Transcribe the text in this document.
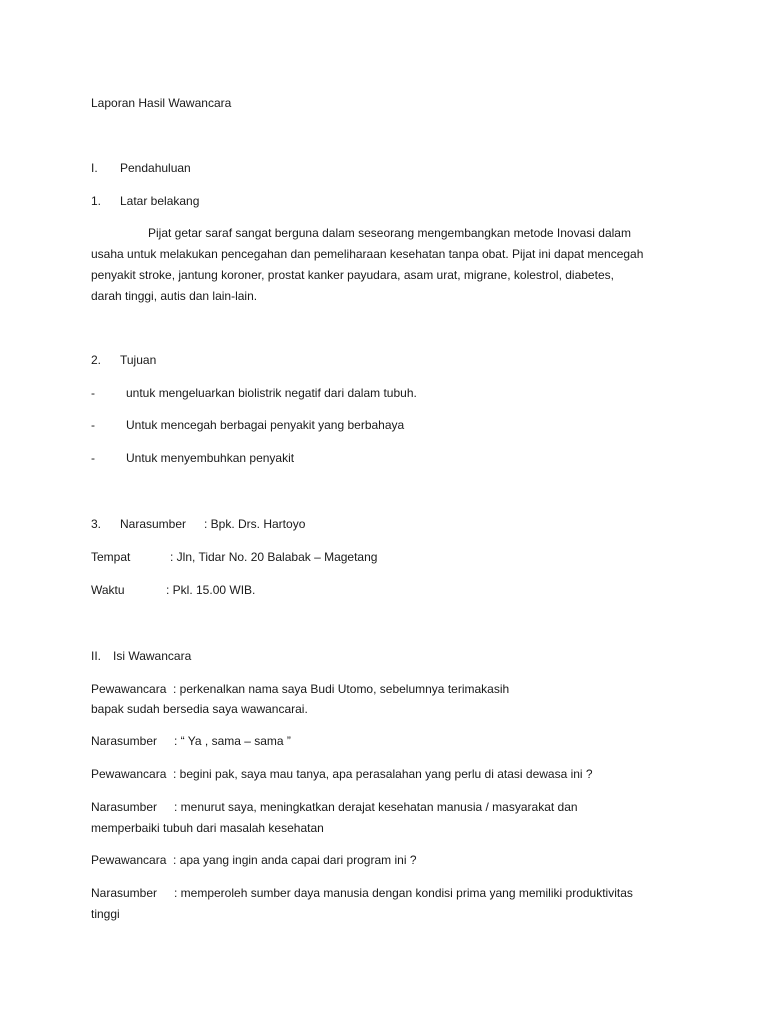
Laporan Hasil Wawancara
I. Pendahuluan
1. Latar belakang
Pijat getar saraf sangat berguna dalam seseorang mengembangkan metode Inovasi dalam
usaha untuk melakukan pencegahan dan pemeliharaan kesehatan tanpa obat. Pijat ini dapat mencegah
penyakit stroke, jantung koroner, prostat kanker payudara, asam urat, migrane, kolestrol, diabetes,
darah tinggi, autis dan lain-lain.
2. Tujuan
-	untuk mengeluarkan biolistrik negatif dari dalam tubuh.
-	Untuk mencegah berbagai penyakit yang berbahaya
-	Untuk menyembuhkan penyakit
3. Narasumber : Bpk. Drs. Hartoyo
Tempat	: Jln, Tidar No. 20 Balabak – Magetang
Waktu	: Pkl. 15.00 WIB.
II. Isi Wawancara
Pewawancara : perkenalkan nama saya Budi Utomo, sebelumnya terimakasih
bapak sudah bersedia saya wawancarai.
Narasumber : “ Ya , sama – sama ”
Pewawancara : begini pak, saya mau tanya, apa perasalahan yang perlu di atasi dewasa ini ?
Narasumber : menurut saya, meningkatkan derajat kesehatan manusia / masyarakat dan
memperbaiki tubuh dari masalah kesehatan
Pewawancara : apa yang ingin anda capai dari program ini ?
Narasumber : memperoleh sumber daya manusia dengan kondisi prima yang memiliki produktivitas
tinggi
